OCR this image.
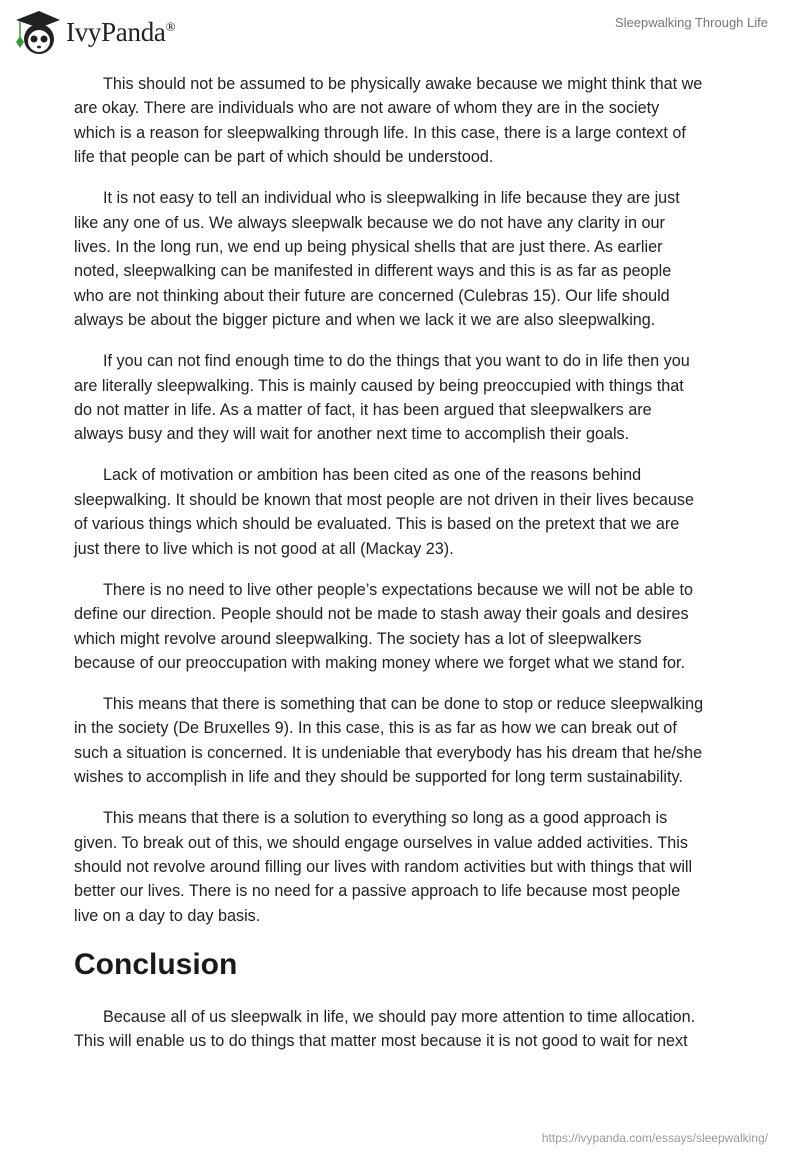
IvyPanda®	Sleepwalking Through Life

This should not be assumed to be physically awake because we might think that we
are okay. There are individuals who are not aware of whom they are in the society
which is a reason for sleepwalking through life. In this case, there is a large context of
life that people can be part of which should be understood.

It is not easy to tell an individual who is sleepwalking in life because they are just
like any one of us. We always sleepwalk because we do not have any clarity in our
lives. In the long run, we end up being physical shells that are just there. As earlier
noted, sleepwalking can be manifested in different ways and this is as far as people
who are not thinking about their future are concerned (Culebras 15). Our life should
always be about the bigger picture and when we lack it we are also sleepwalking.

If you can not find enough time to do the things that you want to do in life then you
are literally sleepwalking. This is mainly caused by being preoccupied with things that
do not matter in life. As a matter of fact, it has been argued that sleepwalkers are
always busy and they will wait for another next time to accomplish their goals.

Lack of motivation or ambition has been cited as one of the reasons behind
sleepwalking. It should be known that most people are not driven in their lives because
of various things which should be evaluated. This is based on the pretext that we are
just there to live which is not good at all (Mackay 23).

There is no need to live other people’s expectations because we will not be able to
define our direction. People should not be made to stash away their goals and desires
which might revolve around sleepwalking. The society has a lot of sleepwalkers
because of our preoccupation with making money where we forget what we stand for.

This means that there is something that can be done to stop or reduce sleepwalking
in the society (De Bruxelles 9). In this case, this is as far as how we can break out of
such a situation is concerned. It is undeniable that everybody has his dream that he/she
wishes to accomplish in life and they should be supported for long term sustainability.

This means that there is a solution to everything so long as a good approach is
given. To break out of this, we should engage ourselves in value added activities. This
should not revolve around filling our lives with random activities but with things that will
better our lives. There is no need for a passive approach to life because most people
live on a day to day basis.

Conclusion

Because all of us sleepwalk in life, we should pay more attention to time allocation.
This will enable us to do things that matter most because it is not good to wait for next

https://ivypanda.com/essays/sleepwalking/
